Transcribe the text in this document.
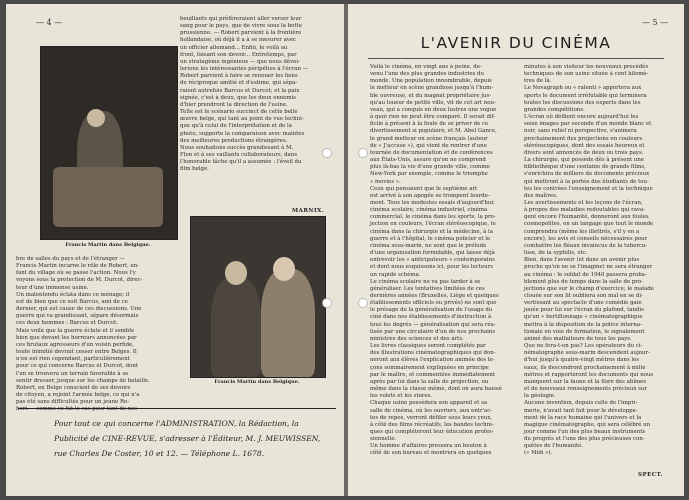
— 4 —
Francis Martin dans Belgique.
bouillants qui préfèreraient aller verser leur
sang pour le pays, que de vivre sous la botte
prussienne. — Robert parvient à la frontière
hollandaise, où déjà il a à se mesurer avec
un officier allemand... Enfin, le voilà au
front, faisant son devoir... Entretemps, par
un stratagème ingénieux — que nous dévoi-
lerions les intéressantes péripéties à l'écran —
Robert parvient à faire se renouer les liens
de réciproque amitié et d'estime, qui sépa-
raient autrefois Barcus et Durcot; et la paix
signée, c'est à deux, que les deux ennemis
d'hier prendront la direction de l'usine.
Telle est le scénario succinct de cette belle
œuvre belge, qui tant au point de vue techni-
que qu'à celui de l'interprétation et de la
photo, supporte la comparaison avec maintes
des meilleures productions étrangères.
Nous souhaitons succès grandissant à M.
Flon et à ses vaillants collaborateurs, dans
l'honorable tâche qu'il a assumée : l'éveil du
film belge.
MARNIX.
bre de salles du pays et de l'étranger —
Francis Martin incarne le rôle de Robert, en-
fant du village où se passe l'action. Nous l'y
voyons sous la protection de M. Durcot, direc-
teur d'une immense usine.
Un malentendu éclata dans ce ménage; il
est de bien que ce soit Barcus, ami de ce
dernier, qui est cause de ces discussions. Une
guerre qui va grandissant, sépare désormais
ces deux hommes : Barcus et Durcot.
Mais voilà que la guerre éclate et il semble
bien que devant les horreurs annoncées par
ces brutaux agresseurs d'un voisin perfide,
toute inimitié devrait cesser entre Belges. Il
n'en est rien cependant, particulièrement
pour ce qui concerne Barcus et Durcot, dont
l'un se trouvera un terrain favorable à se
sentir dresser, jusque sur les champs de bataille.
Robert, en Belge conscient de ses devoirs
de citoyen, a rejoint l'armée belge, ce qui n'a
pas été sans difficultés pour un jeune Ro-
bert — comme ce fut le cas pour tant de nos
Francis Martin dans Belgique.
Pour tout ce qui concerne l'ADMINISTRATION, la Rédaction, la
Publicité de CINE-REVUE, s'adresser à l'Éditeur, M. J. MEUWISSEN,
rue Charles De Coster, 10 et 12. — Téléphone L. 1678.
— 5 —
L'AVENIR DU CINÉMA
Voilà le cinéma, en vingt ans à peine, de-
venu l'une des plus grandes industries du
monde. Une population innombrable, depuis
le metteur en scène grandiose jusqu'à l'hum-
ble ouvreuse, et du magnat propriétaire jus-
qu'au loueur de petite ville, vit de cet art nou-
veau, qui a conquis en deux lustres une vogue
à quoi rien ne peut être comparé. Il serait dif-
ficile à présent à la foule de se priver de ce
divertissement si populaire, et M. Abel Gance,
le grand metteur en scène français (auteur
de « J'accuse »), qui vient de rentrer d'une
tournée de documentation et de conférences
aux États-Unis, assure qu'on ne comprend
plus là-bas la vie d'une grande ville, comme
New-York par exemple, comme le triomphe
« movies ».
Ceux qui pensaient que le septième art
est arrivé à son apogée se trompent lourde-
ment. Tous les modestes essais d'aujourd'hui:
cinéma scolaire, cinéma industriel, cinéma
commercial, le cinéma dans les sports, la pro-
jection en couleurs, l'écran stéréoscopique, le
cinéma dans la chirurgie et la médecine, à la
guerre et à l'hôpital, le cinéma policier et le
cinéma sous-marin, ne sont que le prélude
d'une organisation formidable, qui laisse déjà
entrevoir les « anticipateurs » contemporains
et dont nous esquissons ici, pour les lecteurs
un rapide schéma.
Le cinéma scolaire ne va pas tarder à se
généraliser. Les tentatives limitées de ces
dernières années (Bruxelles, Liège et quelques
établissements officiels ou privés) ne sont que
le présage de la généralisation de l'usage du
ciné dans nos établissements d'instruction à
tous les degrés — généralisation qui sera réa-
lisée par une circulaire d'un de nos prochains
ministres des sciences et des arts.
Les livres classiques seront complétés par
des illustrations cinématographiques qui don-
neront aux élèves l'explication animée des le-
çons sommairement expliquées en principe
par le maître, et commentées immédiatement
après par lui dans la salle de projection, ou
même dans la classe même, dont on aura baissé
les volets et les stores.
Chaque usine possèdera son appareil et sa
salle de cinéma, où les ouvriers, aux entr'ac-
tes de repos, verront défiler sous leurs yeux,
à côté des films récréatifs, les bandes techni-
ques qui compléteront leur éducation profes-
sionnelle.
Un homme d'affaires pressera un bouton à
côté de son bureau et montrera en quelques
minutes à son visiteur les nouveaux procédés
techniques de son usine située à cent kilomè-
tres de là.
Le Novagraph ou « ralenti » apportera aux
sports le document irréfutable qui terminera
toutes les discussions des experts dans les
grandes compétitions.
L'écran où défilent encore aujourd'hui les
seize images par seconde d'un monde blanc et
noir, sans relief ni perspective, s'animera
prochainement des projections en couleurs
stéréoscopiques, dont des essais heureux et
divers sont annoncés de deux ou trois pays.
La chirurgie, qui possède dès à présent une
bibliothèque d'une centaine de grands films,
s'enrichira de milliers de documents précieux
qui mettront à la portée des étudiants de tou-
tes les contrées l'enseignement et la technique
des maîtres.
Les avertissements et les leçons de l'écran,
à propos des maladies redoutables qui rava-
gent encore l'humanité, donneront aux foules
cosmopolites, en un langage que tout le monde
comprendra (même les illettrés, s'il y en a
encore), les avis et conseils nécessaires pour
combattre les fléaux invaincus de la tubercu-
lose, de la syphilis, etc.
Bien, dans l'avenir (et dans un avenir plus
proche qu'on ne se l'imagine) ne sera étranger
au cinéma : le soldat de 1940 passera proba-
blement plus de temps dans la salle de pro-
jections que sur le champ d'exercice; le malade
clouée sur son lit oubliera son mal en se di-
vertissant au spectacle d'une comédie gaie
jouée pour lui sur l'écran du plafond, tandis
qu'un « bertillonnage » cinématographique
mettra à la disposition de la police interna-
tionale en voie de formation, le signalement
animé des malfaiteurs de tous les pays.
Que ne fera-t-on pas? Les opérateurs du ci-
nématographe sous-marin descendent aujour-
d'hui jusqu'à quatre-vingt mètres dans les
eaux, ils descendront prochainement à mille
mètres et rapporteront les documents qui nous
manquent sur la faune et la flore des abîmes
et de nouveaux renseignements précieux sur
la géologie.
Aucune invention, depuis celle de l'impri-
merie, n'avait tant fait pour le développe-
ment de la race humaine qui l'univers et la
magique cinématographe, qui sera célébré un
jour comme l'un des plus beaux instruments
du progrès et l'une des plus précieuses con-
quêtes de l'humanité.
(« Midi »).
SPECT.
